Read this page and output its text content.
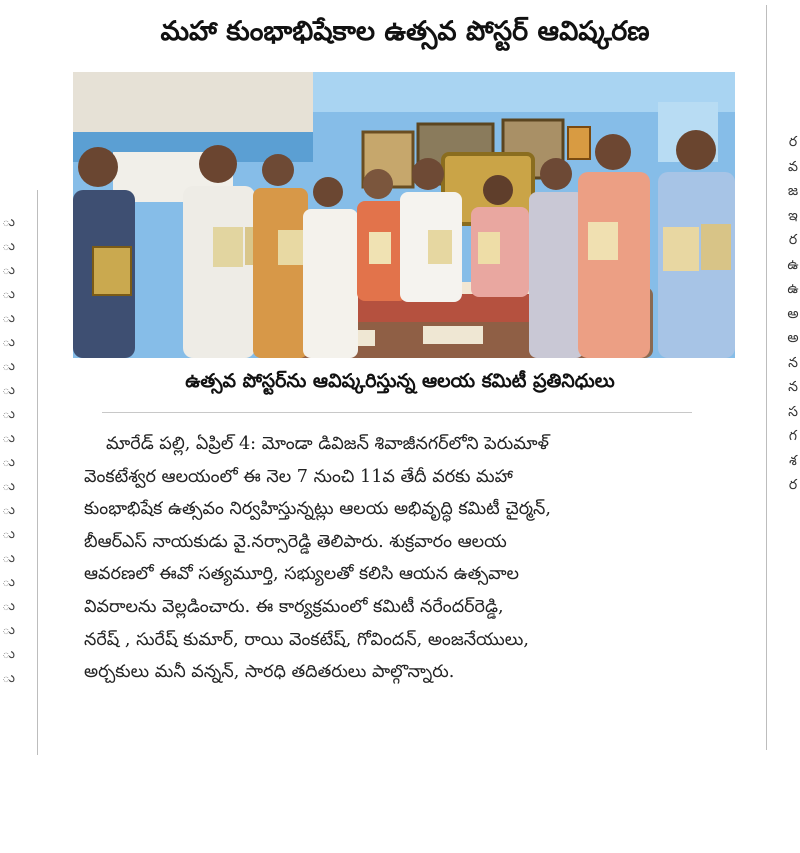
ు
ు
ు
ు
ు
ు
ు
ు
ు
ు
ు
ు
ు
ు
ు
ు
ు
ు
ు
ు
ర
వ
జ
ఇ
ర
ఉ
ఉ
అ
అ
న
న
స
గ
శ
ర
మహా కుంభాభిషేకాల ఉత్సవ పోస్టర్ ఆవిష్కరణ
ఉత్సవ పోస్టర్‌ను ఆవిష్కరిస్తున్న ఆలయ కమిటీ ప్రతినిధులు
మారేడ్ పల్లి, ఏప్రిల్ 4: మోండా డివిజన్ శివాజీనగర్‌లోని పెరుమాళ్
వెంకటేశ్వర ఆలయంలో ఈ నెల 7 నుంచి 11వ తేదీ వరకు మహా
కుంభాభిషేక ఉత్సవం నిర్వహిస్తున్నట్లు ఆలయ అభివృద్ధి కమిటీ చైర్మన్,
బీఆర్ఎస్ నాయకుడు వై.నర్సారెడ్డి తెలిపారు. శుక్రవారం ఆలయ
ఆవరణలో ఈవో సత్యమూర్తి, సభ్యులతో కలిసి ఆయన ఉత్సవాల
వివరాలను వెల్లడించారు. ఈ కార్యక్రమంలో కమిటీ నరేందర్‌రెడ్డి,
నరేష్ , సురేష్ కుమార్, రాయి వెంకటేష్, గోవిందన్, అంజనేయులు,
అర్చకులు మనీ వన్నన్, సారధి తదితరులు పాల్గొన్నారు.
